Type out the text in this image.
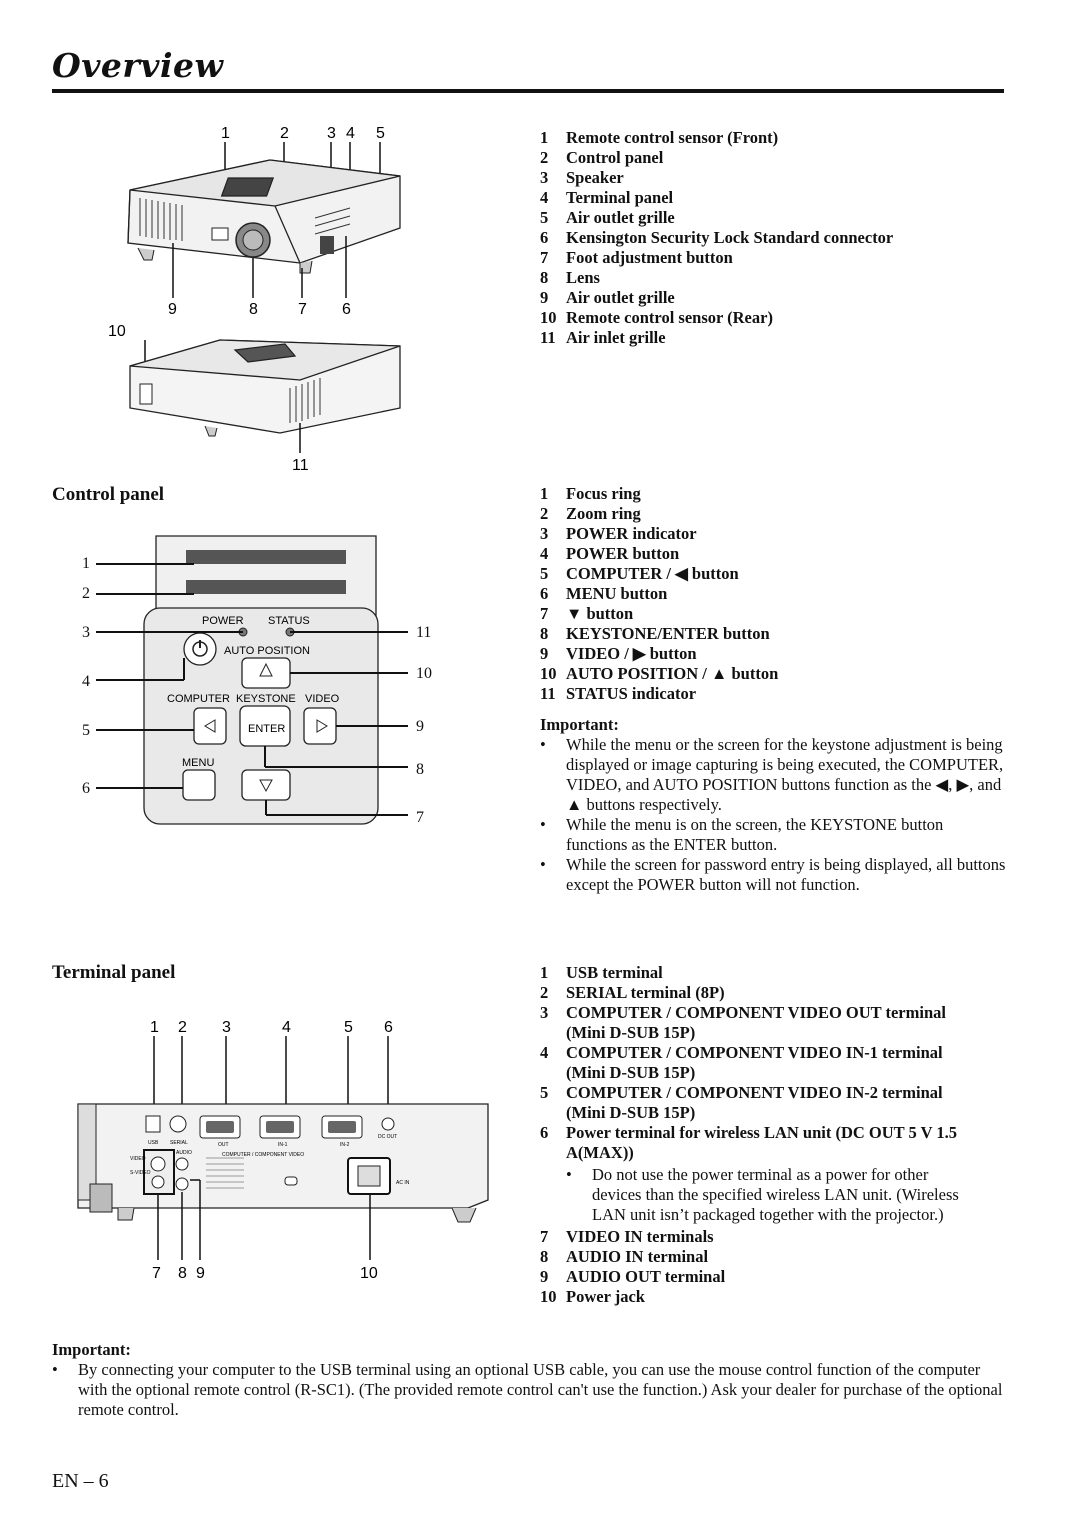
Overview
1	2 3 4 5
9	8	7 6
10
11
1	Remote control sensor (Front)
2	Control panel
3	Speaker
4	Terminal panel
5	Air outlet grille
6	Kensington Security Lock Standard connector
7	Foot adjustment button
8	Lens
9	Air outlet grille
10 Remote control sensor (Rear)
11 Air inlet grille
Control panel
POWER STATUS
AUTO POSITION
COMPUTER KEYSTONE VIDEO
ENTER
MENU
1
2
3
4
5
6
11
10
9
8
7
1	Focus ring
2	Zoom ring
3	POWER indicator
4	POWER button
5	COMPUTER / ◀ button
6	MENU button
7	▼ button
8	KEYSTONE/ENTER button
9	VIDEO / ▶ button
10 AUTO POSITION / ▲ button
11 STATUS indicator
Important:
•	While the menu or the screen for the keystone adjustment is being displayed or image capturing is being executed, the COMPUTER, VIDEO, and AUTO POSITION buttons function as the ◀, ▶, and ▲ buttons respectively.
•	While the menu is on the screen, the KEYSTONE button functions as the ENTER button.
•	While the screen for password entry is being displayed, all buttons except the POWER button will not function.
Terminal panel
1 2 3	4	5 6
USB SERIAL	OUT	IN-1	IN-2
COMPUTER / COMPONENT VIDEO
DC OUT
VIDEO
S-VIDEO
AUDIO
AC IN
7 8 9	10
1	USB terminal
2	SERIAL terminal (8P)
3	COMPUTER / COMPONENT VIDEO OUT terminal (Mini D-SUB 15P)
4	COMPUTER / COMPONENT VIDEO IN-1 terminal (Mini D-SUB 15P)
5	COMPUTER / COMPONENT VIDEO IN-2 terminal (Mini D-SUB 15P)
6	Power terminal for wireless LAN unit (DC OUT 5 V 1.5 A(MAX))
•	Do not use the power terminal as a power for other devices than the specified wireless LAN unit. (Wireless LAN unit isn’t packaged together with the projector.)
7	VIDEO IN terminals
8	AUDIO IN terminal
9	AUDIO OUT terminal
10 Power jack
Important:
•	By connecting your computer to the USB terminal using an optional USB cable, you can use the mouse control function of the computer with the optional remote control (R-SC1). (The provided remote control can't use the function.) Ask your dealer for purchase of the optional remote control.
EN – 6
